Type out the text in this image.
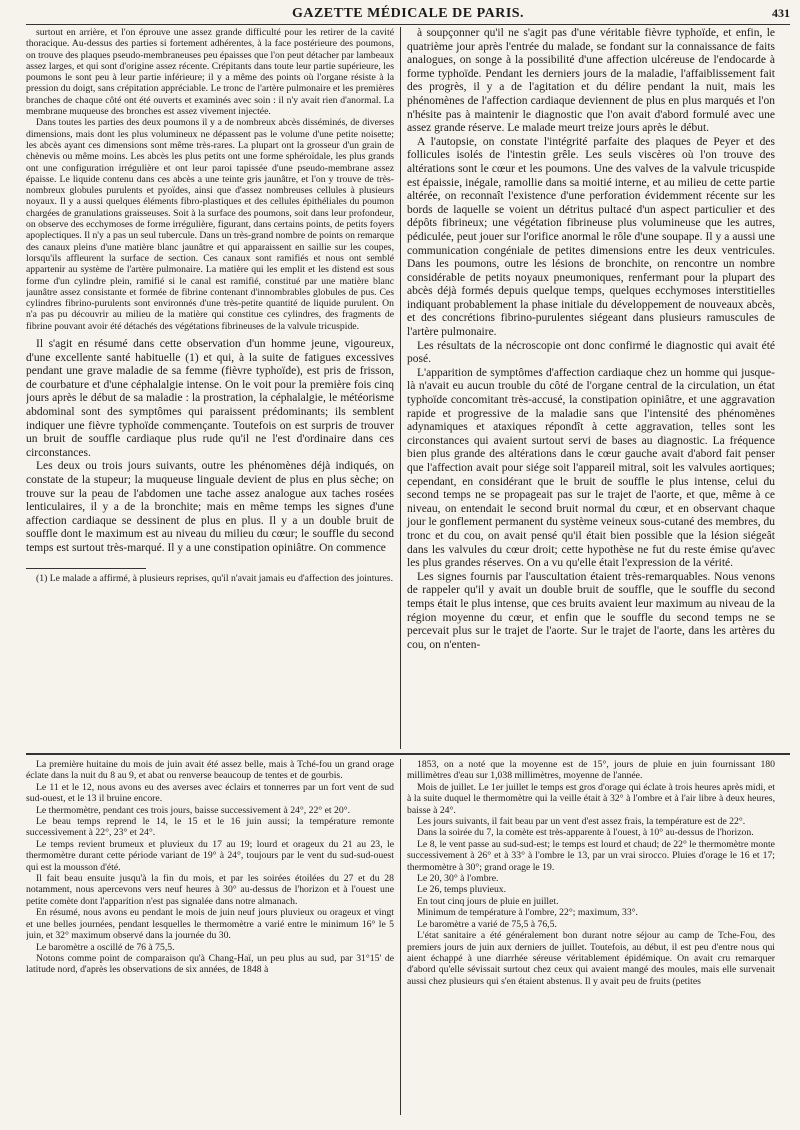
GAZETTE MÉDICALE DE PARIS.	431

surtout en arrière, et l'on éprouve une assez grande difficulté pour les retirer de la cavité thoracique. Au-dessus des parties si fortement adhérentes, à la face postérieure des poumons, on trouve des plaques pseudo-membraneuses peu épaisses que l'on peut détacher par lambeaux assez larges, et qui sont d'origine assez récente. Crépitants dans toute leur partie supérieure, les poumons le sont peu à leur partie inférieure; il y a même des points où l'organe résiste à la pression du doigt, sans crépitation appréciable. Le tronc de l'artère pulmonaire et les premières branches de chaque côté ont été ouverts et examinés avec soin : il n'y avait rien d'anormal. La membrane muqueuse des bronches est assez vivement injectée.

Dans toutes les parties des deux poumons il y a de nombreux abcès disséminés, de diverses dimensions, mais dont les plus volumineux ne dépassent pas le volume d'une petite noisette; les abcès ayant ces dimensions sont même très-rares. La plupart ont la grosseur d'un grain de chènevis ou même moins. Les abcès les plus petits ont une forme sphéroïdale, les plus grands ont une configuration irrégulière et ont leur paroi tapissée d'une pseudo-membrane assez épaisse. Le liquide contenu dans ces abcès a une teinte gris jaunâtre, et l'on y trouve de très-nombreux globules purulents et pyoïdes, ainsi que d'assez nombreuses cellules à plusieurs noyaux. Il y a aussi quelques éléments fibro-plastiques et des cellules épithéliales du poumon chargées de granulations graisseuses. Soit à la surface des poumons, soit dans leur profondeur, on observe des ecchymoses de forme irrégulière, figurant, dans certains points, de petits foyers apoplectiques. Il n'y a pas un seul tubercule. Dans un très-grand nombre de points on remarque des canaux pleins d'une matière blanc jaunâtre et qui apparaissent en saillie sur les coupes, lorsqu'ils affleurent la surface de section. Ces canaux sont ramifiés et nous ont semblé appartenir au système de l'artère pulmonaire. La matière qui les emplit et les distend est sous forme d'un cylindre plein, ramifié si le canal est ramifié, constitué par une matière blanc jaunâtre assez consistante et formée de fibrine contenant d'innombrables globules de pus. Ces cylindres fibrino-purulents sont environnés d'une très-petite quantité de liquide purulent. On n'a pas pu découvrir au milieu de la matière qui constitue ces cylindres, des fragments de fibrine pouvant avoir été détachés des végétations fibrineuses de la valvule tricuspide.

Il s'agit en résumé dans cette observation d'un homme jeune, vigoureux, d'une excellente santé habituelle (1) et qui, à la suite de fatigues excessives pendant une grave maladie de sa femme (fièvre typhoïde), est pris de frisson, de courbature et d'une céphalalgie intense. On le voit pour la première fois cinq jours après le début de sa maladie : la prostration, la céphalalgie, le météorisme abdominal sont des symptômes qui paraissent prédominants; ils semblent indiquer une fièvre typhoïde commençante. Toutefois on est surpris de trouver un bruit de souffle cardiaque plus rude qu'il ne l'est d'ordinaire dans ces circonstances.

Les deux ou trois jours suivants, outre les phénomènes déjà indiqués, on constate de la stupeur; la muqueuse linguale devient de plus en plus sèche; on trouve sur la peau de l'abdomen une tache assez analogue aux taches rosées lenticulaires, il y a de la bronchite; mais en même temps les signes d'une affection cardiaque se dessinent de plus en plus. Il y a un double bruit de souffle dont le maximum est au niveau du milieu du cœur; le souffle du second temps est surtout très-marqué. Il y a une constipation opiniâtre. On commence

(1) Le malade a affirmé, à plusieurs reprises, qu'il n'avait jamais eu d'affection des jointures.

à soupçonner qu'il ne s'agit pas d'une véritable fièvre typhoïde, et enfin, le quatrième jour après l'entrée du malade, se fondant sur la connaissance de faits analogues, on songe à la possibilité d'une affection ulcéreuse de l'endocarde à forme typhoïde. Pendant les derniers jours de la maladie, l'affaiblissement fait des progrès, il y a de l'agitation et du délire pendant la nuit, mais les phénomènes de l'affection cardiaque deviennent de plus en plus marqués et l'on n'hésite pas à maintenir le diagnostic que l'on avait d'abord formulé avec une assez grande réserve. Le malade meurt treize jours après le début.

A l'autopsie, on constate l'intégrité parfaite des plaques de Peyer et des follicules isolés de l'intestin grêle. Les seuls viscères où l'on trouve des altérations sont le cœur et les poumons. Une des valves de la valvule tricuspide est épaissie, inégale, ramollie dans sa moitié interne, et au milieu de cette partie altérée, on reconnaît l'existence d'une perforation évidemment récente sur les bords de laquelle se voient un détritus pultacé d'un aspect particulier et des dépôts fibrineux; une végétation fibrineuse plus volumineuse que les autres, pédiculée, peut jouer sur l'orifice anormal le rôle d'une soupape. Il y a aussi une communication congéniale de petites dimensions entre les deux ventricules. Dans les poumons, outre les lésions de bronchite, on rencontre un nombre considérable de petits noyaux pneumoniques, renfermant pour la plupart des abcès déjà formés depuis quelque temps, quelques ecchymoses interstitielles indiquant probablement la phase initiale du développement de nouveaux abcès, et des concrétions fibrino-purulentes siégeant dans plusieurs ramuscules de l'artère pulmonaire.

Les résultats de la nécroscopie ont donc confirmé le diagnostic qui avait été posé.

L'apparition de symptômes d'affection cardiaque chez un homme qui jusque-là n'avait eu aucun trouble du côté de l'organe central de la circulation, un état typhoïde concomitant très-accusé, la constipation opiniâtre, et une aggravation rapide et progressive de la maladie sans que l'intensité des phénomènes adynamiques et ataxiques répondît à cette aggravation, telles sont les circonstances qui avaient surtout servi de bases au diagnostic. La fréquence bien plus grande des altérations dans le cœur gauche avait d'abord fait penser que l'affection avait pour siége soit l'appareil mitral, soit les valvules aortiques; cependant, en considérant que le bruit de souffle le plus intense, celui du second temps ne se propageait pas sur le trajet de l'aorte, et que, même à ce niveau, on entendait le second bruit normal du cœur, et en observant chaque jour le gonflement permanent du système veineux sous-cutané des membres, du tronc et du cou, on avait pensé qu'il était bien possible que la lésion siégeât dans les valvules du cœur droit; cette hypothèse ne fut du reste émise qu'avec les plus grandes réserves. On a vu qu'elle était l'expression de la vérité.

Les signes fournis par l'auscultation étaient très-remarquables. Nous venons de rappeler qu'il y avait un double bruit de souffle, que le souffle du second temps était le plus intense, que ces bruits avaient leur maximum au niveau de la région moyenne du cœur, et enfin que le souffle du second temps ne se percevait plus sur le trajet de l'aorte. Sur le trajet de l'aorte, dans les artères du cou, on n'enten-

La première huitaine du mois de juin avait été assez belle, mais à Tché-fou un grand orage éclate dans la nuit du 8 au 9, et abat ou renverse beaucoup de tentes et de gourbis.

Le 11 et le 12, nous avons eu des averses avec éclairs et tonnerres par un fort vent de sud sud-ouest, et le 13 il bruine encore.

Le thermomètre, pendant ces trois jours, baisse successivement à 24°, 22° et 20°.

Le beau temps reprend le 14, le 15 et le 16 juin aussi; la température remonte successivement à 22°, 23° et 24°.

Le temps revient brumeux et pluvieux du 17 au 19; lourd et orageux du 21 au 23, le thermomètre durant cette période variant de 19° à 24°, toujours par le vent du sud-sud-ouest qui est la mousson d'été.

Il fait beau ensuite jusqu'à la fin du mois, et par les soirées étoilées du 27 et du 28 notamment, nous apercevons vers neuf heures à 30° au-dessus de l'horizon et à l'ouest une petite comète dont l'apparition n'est pas signalée dans notre almanach.

En résumé, nous avons eu pendant le mois de juin neuf jours pluvieux ou orageux et vingt et une belles journées, pendant lesquelles le thermomètre a varié entre le minimum 16° le 5 juin, et 32° maximum observé dans la journée du 30.

Le baromètre a oscillé de 76 à 75,5.

Notons comme point de comparaison qu'à Chang-Haï, un peu plus au sud, par 31°15' de latitude nord, d'après les observations de six années, de 1848 à

1853, on a noté que la moyenne est de 15°, jours de pluie en juin fournissant 180 millimètres d'eau sur 1,038 millimètres, moyenne de l'année.

Mois de juillet. Le 1er juillet le temps est gros d'orage qui éclate à trois heures après midi, et à la suite duquel le thermomètre qui la veille était à 32° à l'ombre et à l'air libre à deux heures, baisse à 24°.

Les jours suivants, il fait beau par un vent d'est assez frais, la température est de 22°.

Dans la soirée du 7, la comète est très-apparente à l'ouest, à 10° au-dessus de l'horizon.

Le 8, le vent passe au sud-sud-est; le temps est lourd et chaud; de 22° le thermomètre monte successivement à 26° et à 33° à l'ombre le 13, par un vrai sirocco. Pluies d'orage le 16 et 17; thermomètre à 30°; grand orage le 19.

Le 20, 30° à l'ombre.

Le 26, temps pluvieux.

En tout cinq jours de pluie en juillet.

Minimum de température à l'ombre, 22°; maximum, 33°.

Le baromètre a varié de 75,5 à 76,5.

L'état sanitaire a été généralement bon durant notre séjour au camp de Tche-Fou, des premiers jours de juin aux derniers de juillet. Toutefois, au début, il est peu d'entre nous qui aient échappé à une diarrhée séreuse véritablement épidémique. On avait cru remarquer d'abord qu'elle sévissait surtout chez ceux qui avaient mangé des moules, mais elle survenait aussi chez plusieurs qui s'en étaient abstenus. Il y avait peu de fruits (petites
